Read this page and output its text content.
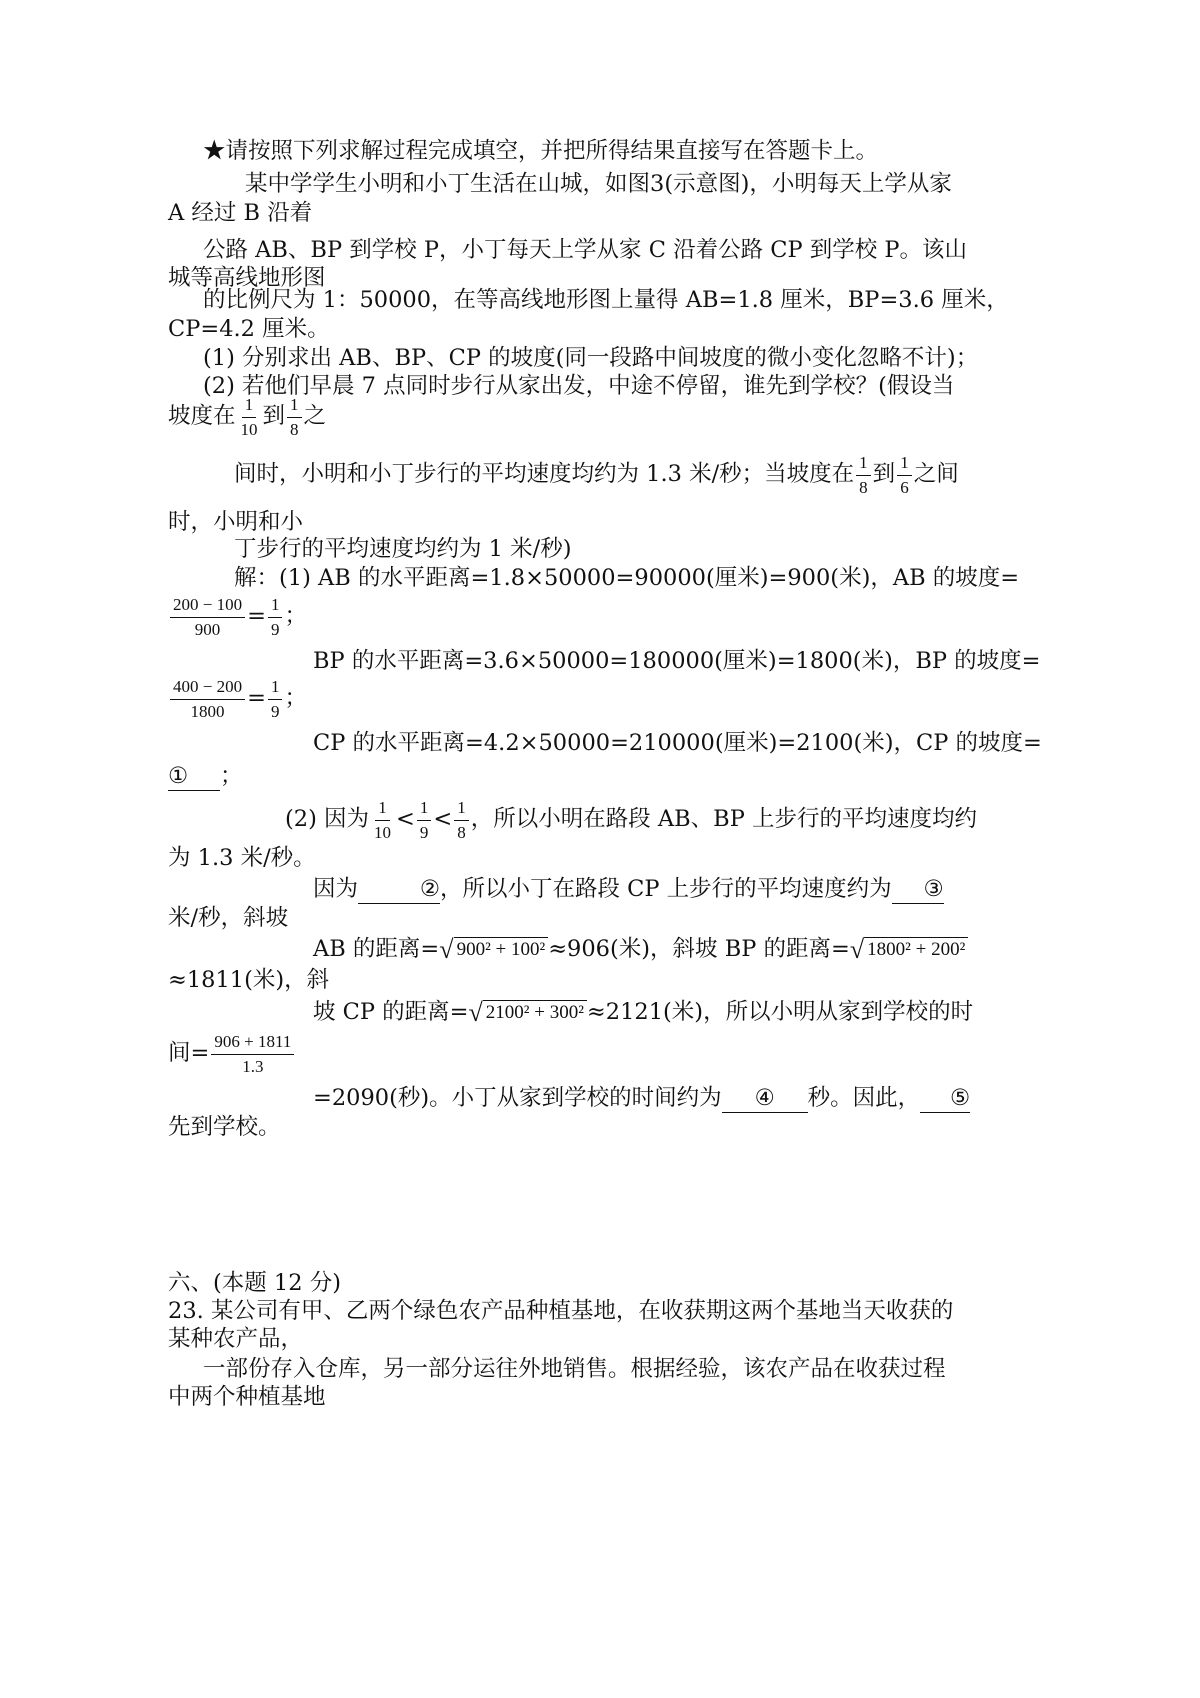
★请按照下列求解过程完成填空，并把所得结果直接写在答题卡上。
某中学学生小明和小丁生活在山城，如图3(示意图)，小明每天上学从家
A 经过 B 沿着
公路 AB、BP 到学校 P，小丁每天上学从家 C 沿着公路 CP 到学校 P。该山
城等高线地形图
的比例尺为 1：50000，在等高线地形图上量得 AB=1.8 厘米，BP=3.6 厘米，
CP=4.2 厘米。
(1) 分别求出 AB、BP、CP 的坡度(同一段路中间坡度的微小变化忽略不计)；
(2) 若他们早晨 7 点同时步行从家出发，中途不停留，谁先到学校？(假设当
坡度在 $\frac{1}{10}$ 到 $\frac{1}{8}$ 之
间时，小明和小丁步行的平均速度均约为 1.3 米/秒；当坡度在 $\frac{1}{8}$ 到 $\frac{1}{6}$ 之间
时，小明和小
丁步行的平均速度均约为 1 米/秒)
解：(1) AB 的水平距离=1.8×50000=90000(厘米)=900(米)，AB 的坡度=
$\frac{200 - 100}{900} = \frac{1}{9}$ ；
BP 的水平距离=3.6×50000=180000(厘米)=1800(米)，BP 的坡度=
$\frac{400 - 200}{1800} = \frac{1}{9}$ ；
CP 的水平距离=4.2×50000=210000(厘米)=2100(米)，CP 的坡度=
① ；
(2) 因为 $\frac{1}{10} < \frac{1}{9} < \frac{1}{8}$ ，所以小明在路段 AB、BP 上步行的平均速度均约
为 1.3 米/秒。
因为	②，所以小丁在路段 CP 上步行的平均速度约为 ③
米/秒，斜坡
AB 的距离= √ 900² + 100² ≈906(米)，斜坡 BP 的距离= √ 1800² + 200²
≈1811(米)，斜
坡 CP 的距离= √ 2100² + 300² ≈2121(米)，所以小明从家到学校的时
间= $\frac{906 + 1811}{1.3}$
=2090(秒)。小丁从家到学校的时间约为 ④ 秒。因此， ⑤
先到学校。
六、(本题 12 分)
23. 某公司有甲、乙两个绿色农产品种植基地，在收获期这两个基地当天收获的
某种农产品，
一部份存入仓库，另一部分运往外地销售。根据经验，该农产品在收获过程
中两个种植基地
